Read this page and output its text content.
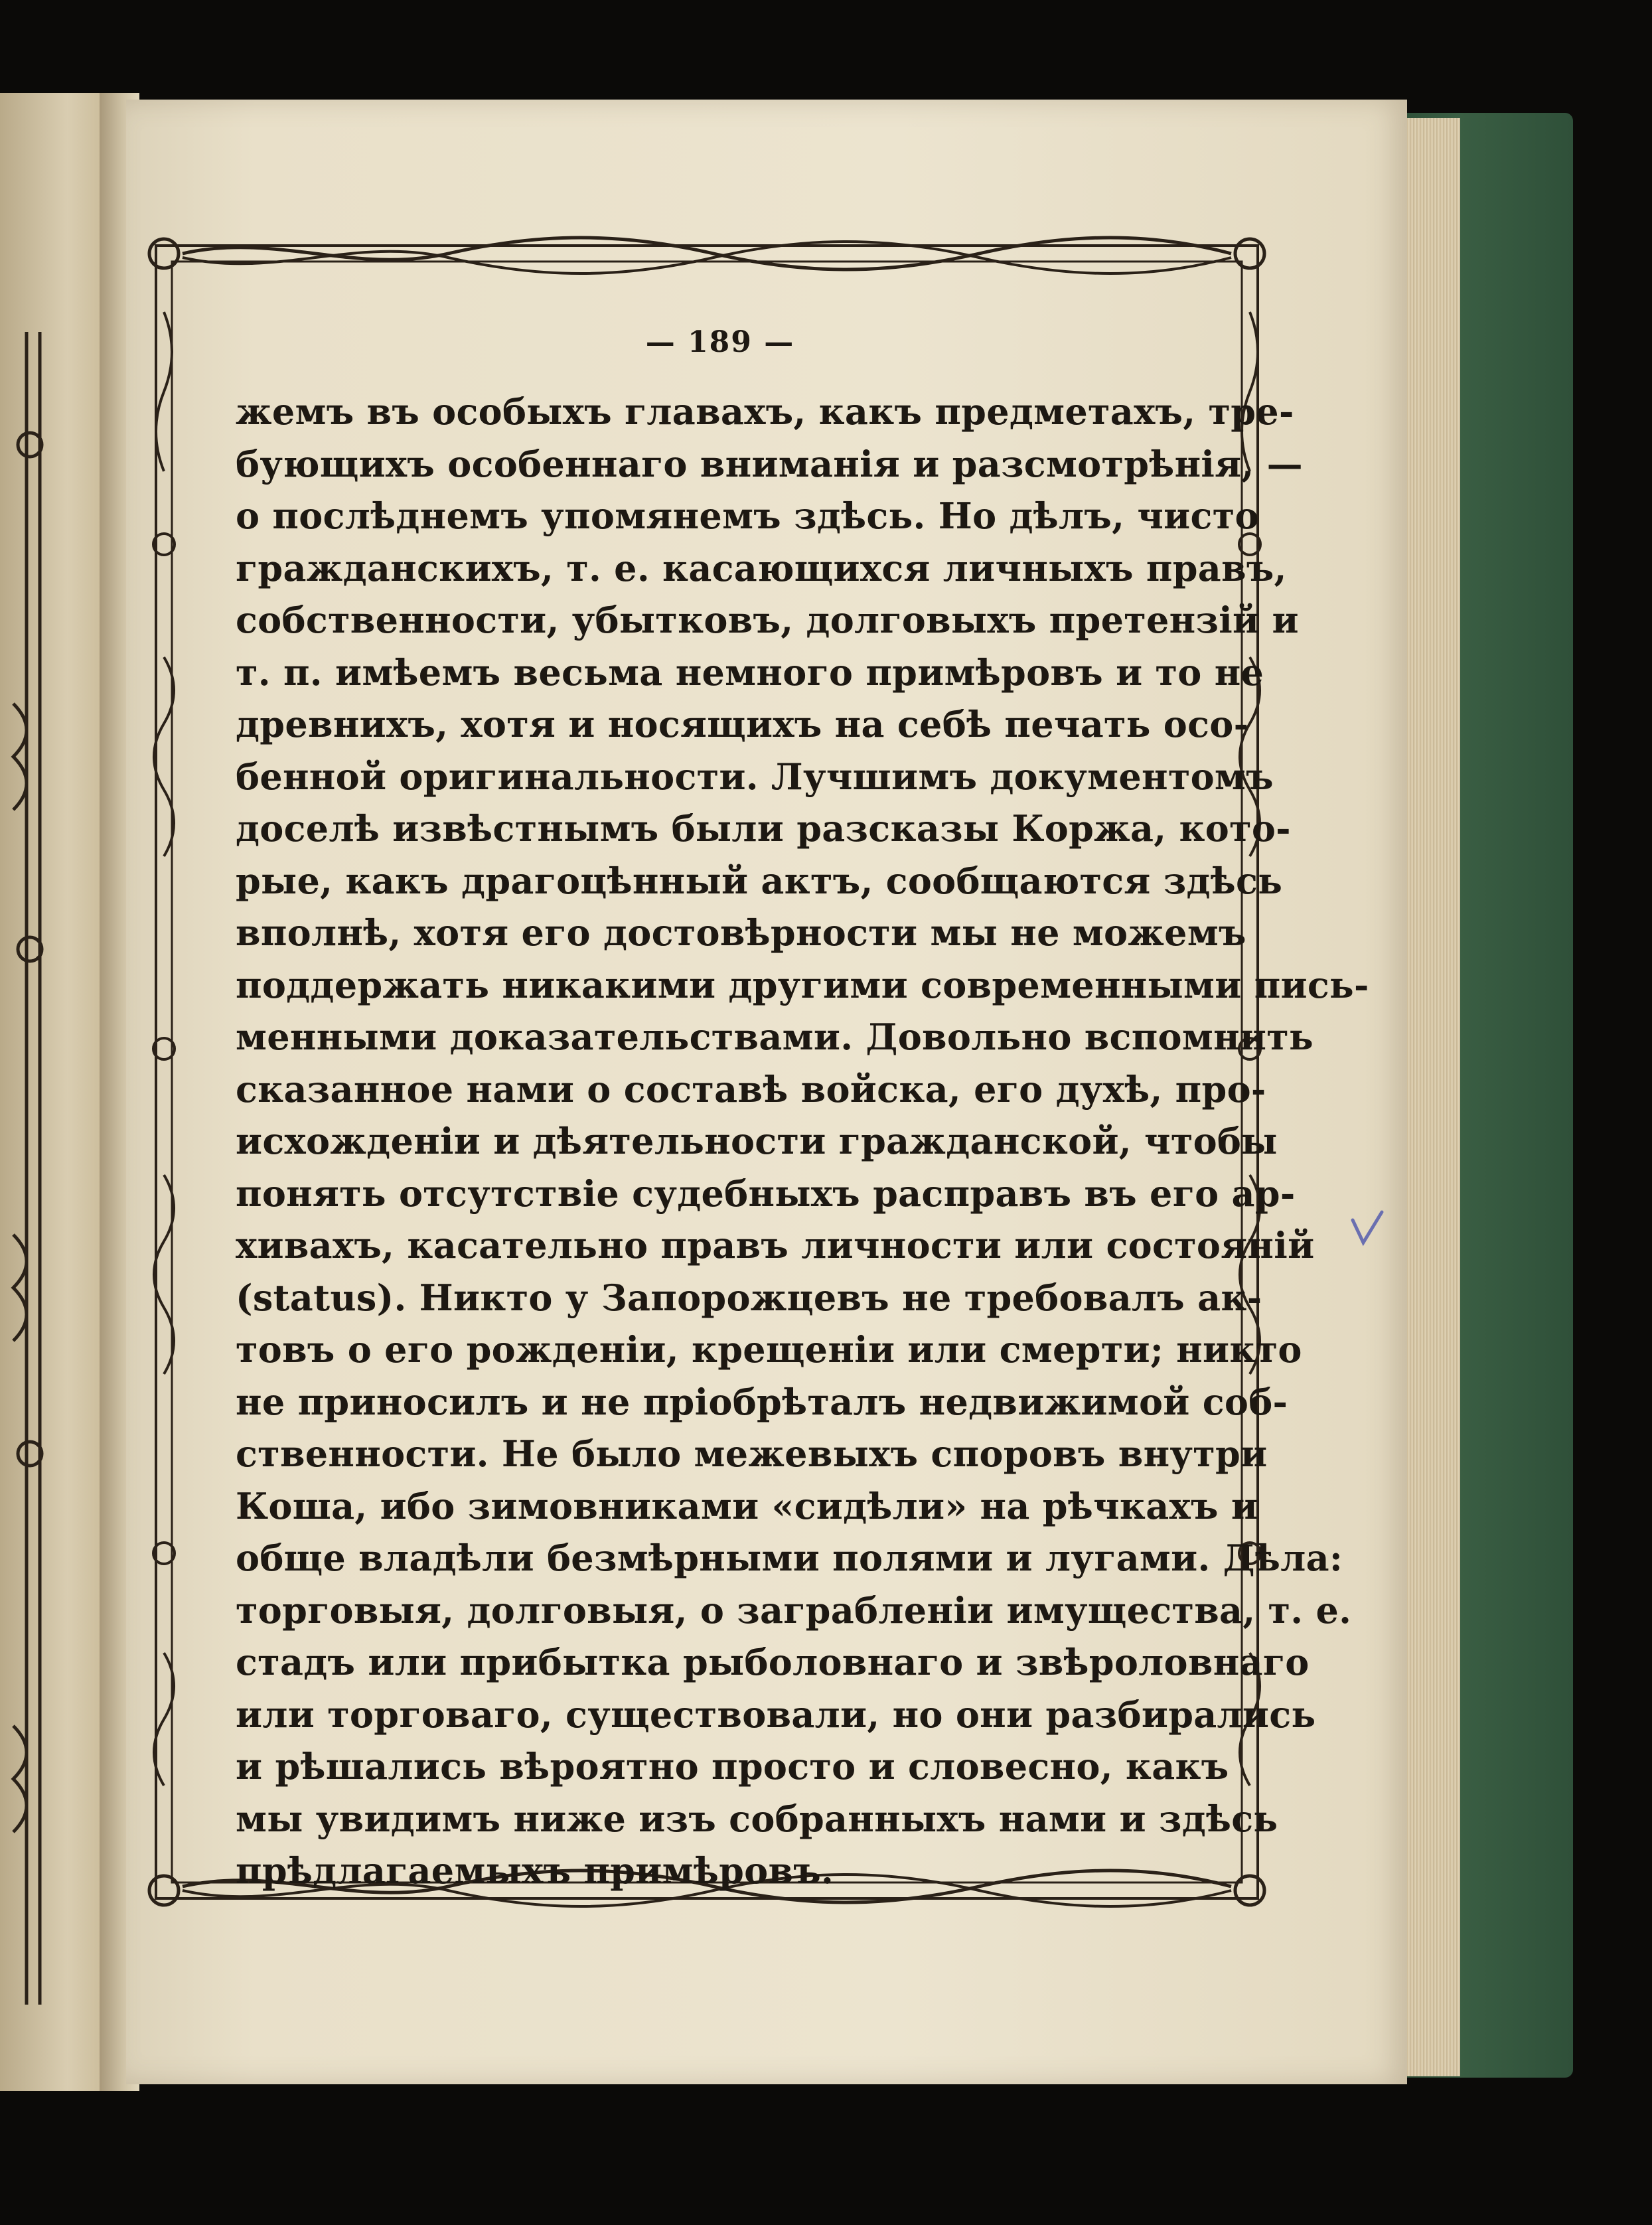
— 189 —
жемъ въ особыхъ главахъ, какъ предметахъ, тре-
бующихъ особеннаго вниманія и разсмотрѣнія, —
о послѣднемъ упомянемъ здѣсь. Но дѣлъ, чисто
гражданскихъ, т. е. касающихся личныхъ правъ,
собственности, убытковъ, долговыхъ претензій и
т. п. имѣемъ весьма немного примѣровъ и то не
древнихъ, хотя и носящихъ на себѣ печать осо-
бенной оригинальности. Лучшимъ документомъ
доселѣ извѣстнымъ были разсказы Коржа, кото-
рые, какъ драгоцѣнный актъ, сообщаются здѣсь
вполнѣ, хотя его достовѣрности мы не можемъ
поддержать никакими другими современными пись-
менными доказательствами. Довольно вспомнить
сказанное нами о составѣ войска, его духѣ, про-
исхожденіи и дѣятельности гражданской, чтобы
понять отсутствіе судебныхъ расправъ въ его ар-
хивахъ, касательно правъ личности или состояній
(status). Никто у Запорожцевъ не требовалъ ак-
товъ о его рожденіи, крещеніи или смерти; никто
не приносилъ и не пріобрѣталъ недвижимой соб-
ственности. Не было межевыхъ споровъ внутри
Коша, ибо зимовниками «сидѣли» на рѣчкахъ и
обще владѣли безмѣрными полями и лугами. Дѣла:
торговыя, долговыя, о заграбленіи имущества, т. е.
стадъ или прибытка рыболовнаго и звѣроловнаго
или торговаго, существовали, но они разбирались
и рѣшались вѣроятно просто и словесно, какъ
мы увидимъ ниже изъ собранныхъ нами и здѣсь
прѣдлагаемыхъ примѣровъ.
